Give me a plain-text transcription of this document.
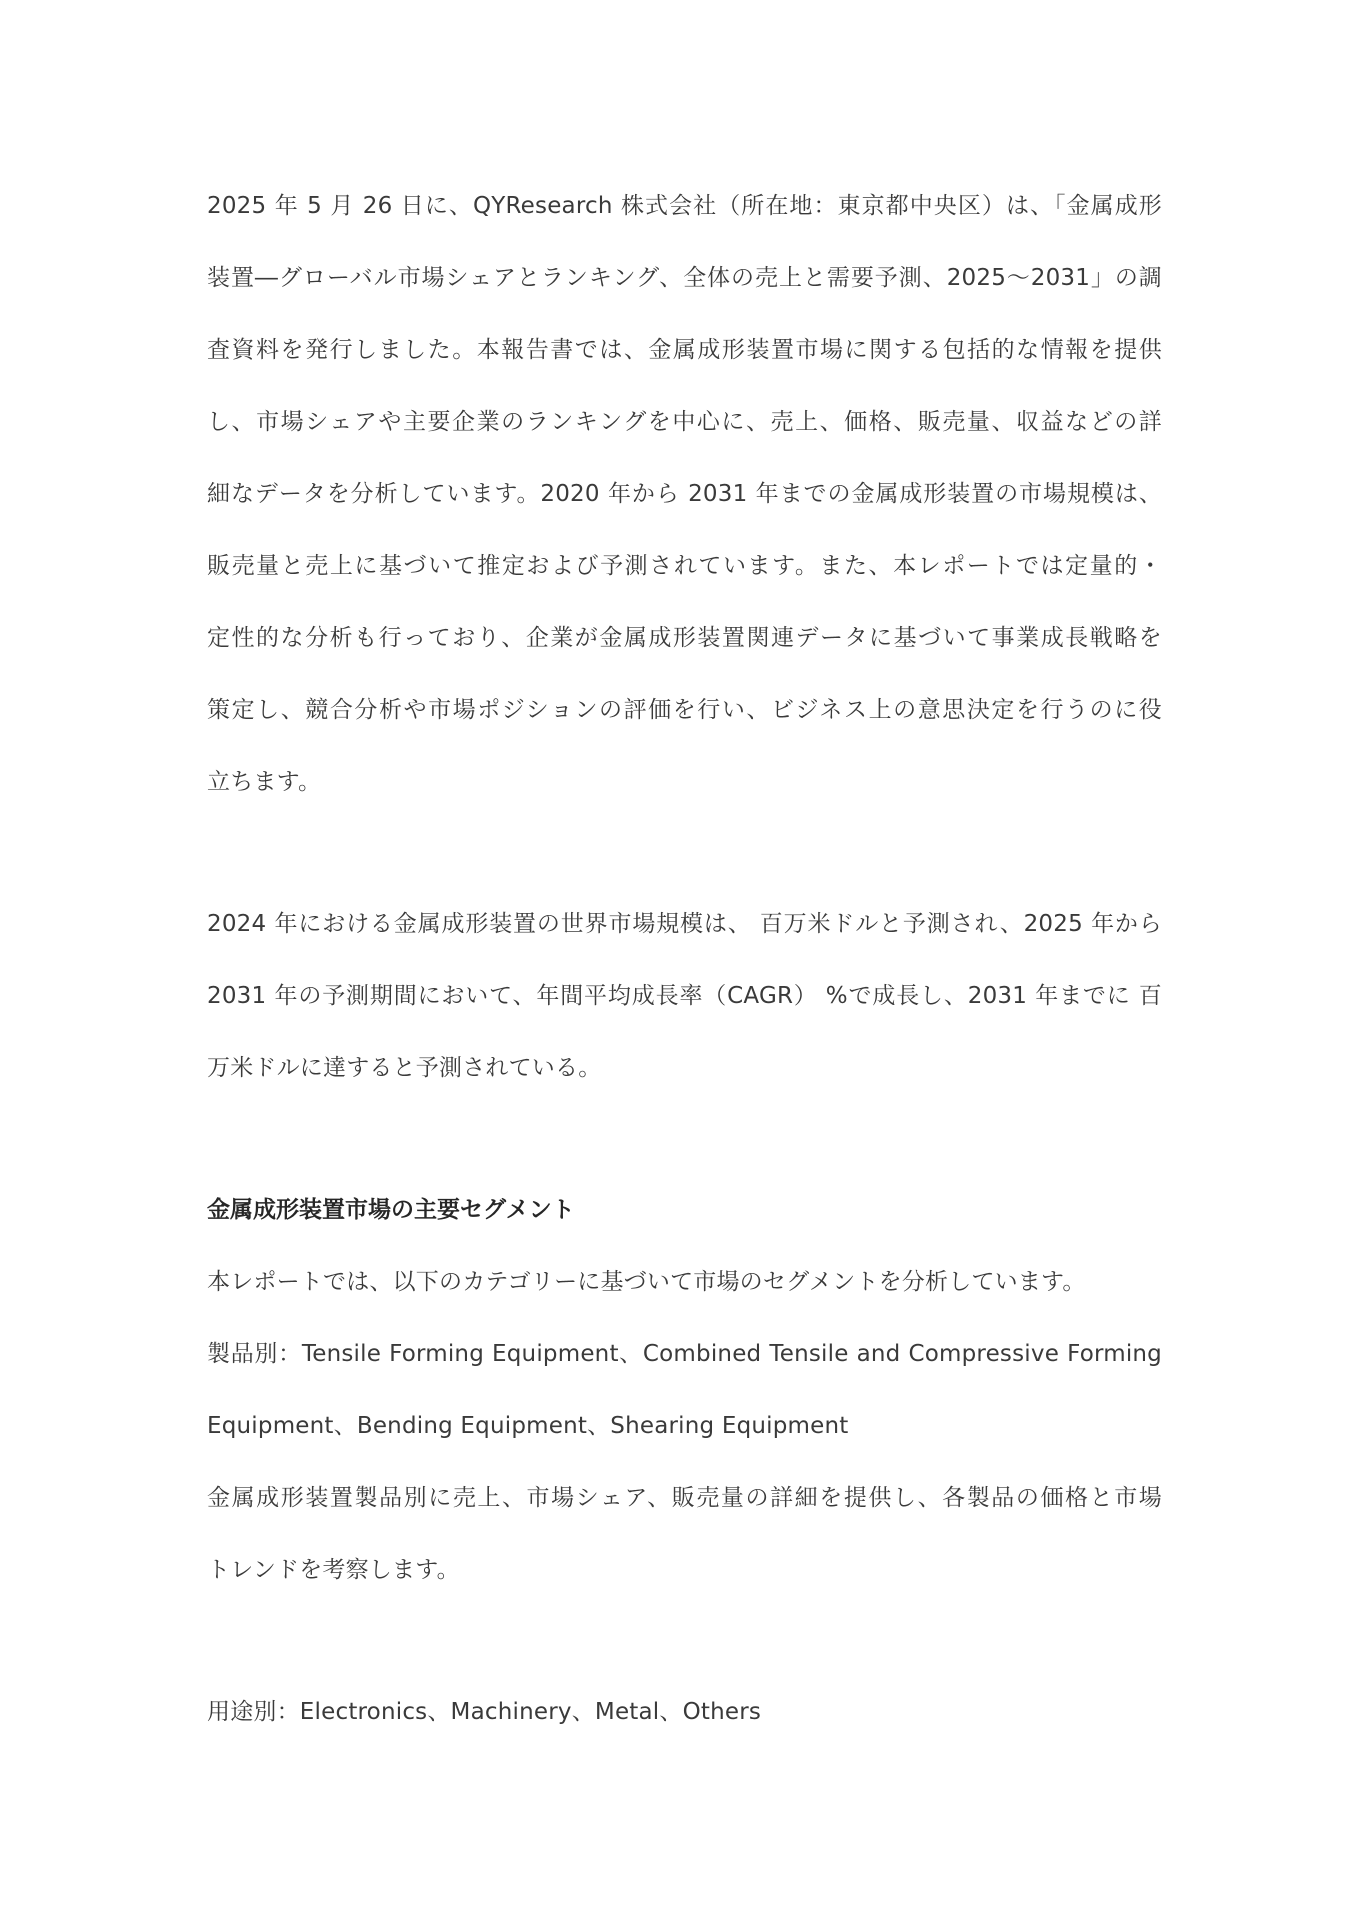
2025 年 5 月 26 日に、QYResearch 株式会社（所在地：東京都中央区）は、「金属成形
装置―グローバル市場シェアとランキング、全体の売上と需要予測、2025～2031」の調
査資料を発行しました。本報告書では、金属成形装置市場に関する包括的な情報を提供
し、市場シェアや主要企業のランキングを中心に、売上、価格、販売量、収益などの詳
細なデータを分析しています。2020 年から 2031 年までの金属成形装置の市場規模は、
販売量と売上に基づいて推定および予測されています。また、本レポートでは定量的・
定性的な分析も行っており、企業が金属成形装置関連データに基づいて事業成長戦略を
策定し、競合分析や市場ポジションの評価を行い、ビジネス上の意思決定を行うのに役
立ちます。
2024 年における金属成形装置の世界市場規模は、 百万米ドルと予測され、2025 年から
2031 年の予測期間において、年間平均成長率（CAGR） %で成長し、2031 年までに 百
万米ドルに達すると予測されている。
金属成形装置市場の主要セグメント
本レポートでは、以下のカテゴリーに基づいて市場のセグメントを分析しています。
製品別：Tensile Forming Equipment、Combined Tensile and Compressive Forming
Equipment、Bending Equipment、Shearing Equipment
金属成形装置製品別に売上、市場シェア、販売量の詳細を提供し、各製品の価格と市場
トレンドを考察します。
用途別：Electronics、Machinery、Metal、Others
